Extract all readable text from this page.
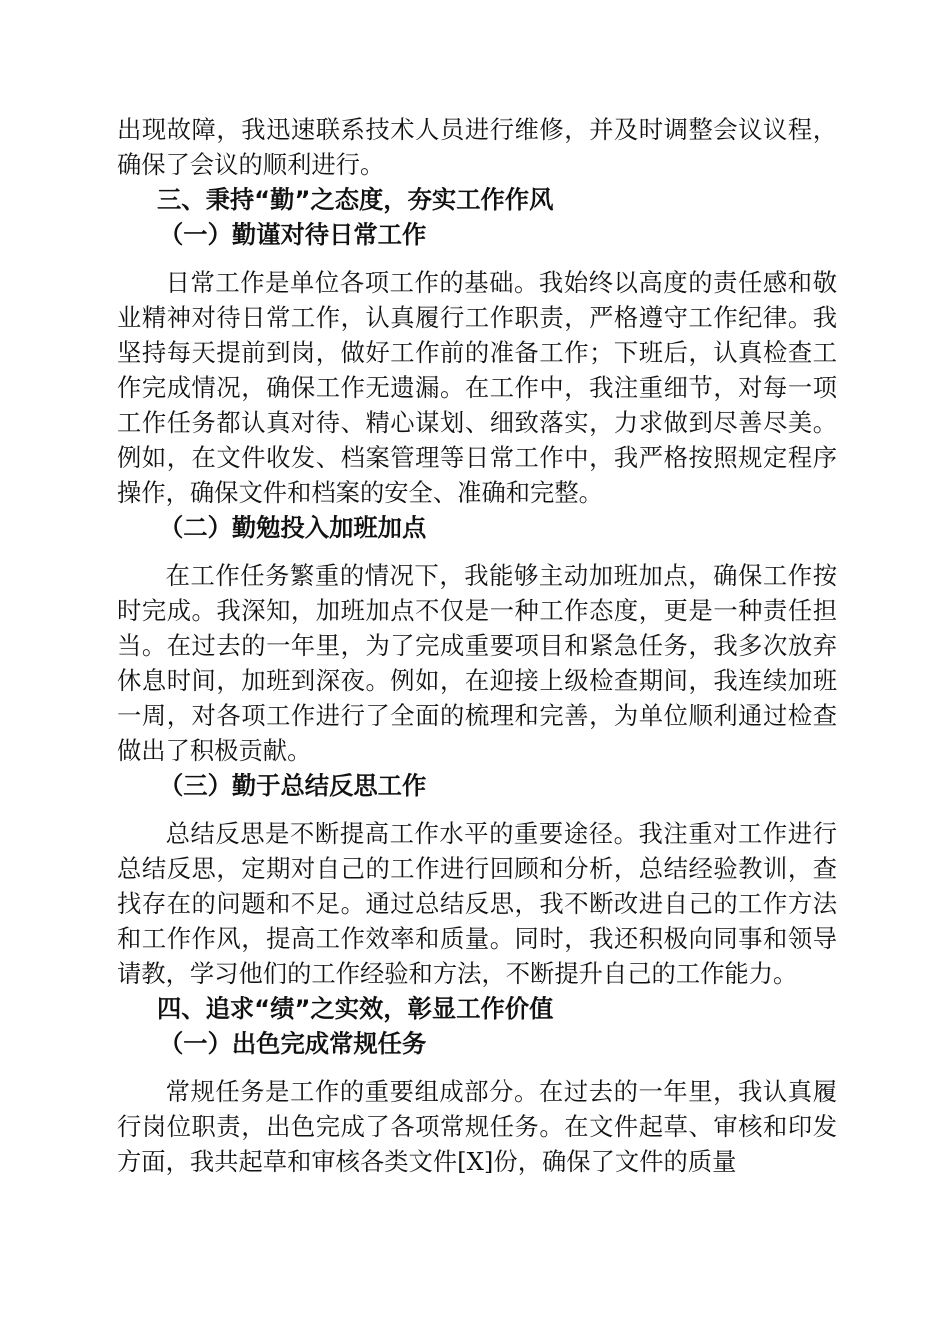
出现故障，我迅速联系技术人员进行维修，并及时调整会议议程，确保了会议的顺利进行。

三、秉持“勤”之态度，夯实工作作风

（一）勤谨对待日常工作

日常工作是单位各项工作的基础。我始终以高度的责任感和敬业精神对待日常工作，认真履行工作职责，严格遵守工作纪律。我坚持每天提前到岗，做好工作前的准备工作；下班后，认真检查工作完成情况，确保工作无遗漏。在工作中，我注重细节，对每一项工作任务都认真对待、精心谋划、细致落实，力求做到尽善尽美。例如，在文件收发、档案管理等日常工作中，我严格按照规定程序操作，确保文件和档案的安全、准确和完整。

（二）勤勉投入加班加点

在工作任务繁重的情况下，我能够主动加班加点，确保工作按时完成。我深知，加班加点不仅是一种工作态度，更是一种责任担当。在过去的一年里，为了完成重要项目和紧急任务，我多次放弃休息时间，加班到深夜。例如，在迎接上级检查期间，我连续加班一周，对各项工作进行了全面的梳理和完善，为单位顺利通过检查做出了积极贡献。

（三）勤于总结反思工作

总结反思是不断提高工作水平的重要途径。我注重对工作进行总结反思，定期对自己的工作进行回顾和分析，总结经验教训，查找存在的问题和不足。通过总结反思，我不断改进自己的工作方法和工作作风，提高工作效率和质量。同时，我还积极向同事和领导请教，学习他们的工作经验和方法，不断提升自己的工作能力。

四、追求“绩”之实效，彰显工作价值

（一）出色完成常规任务

常规任务是工作的重要组成部分。在过去的一年里，我认真履行岗位职责，出色完成了各项常规任务。在文件起草、审核和印发方面，我共起草和审核各类文件[X]份，确保了文件的质量
